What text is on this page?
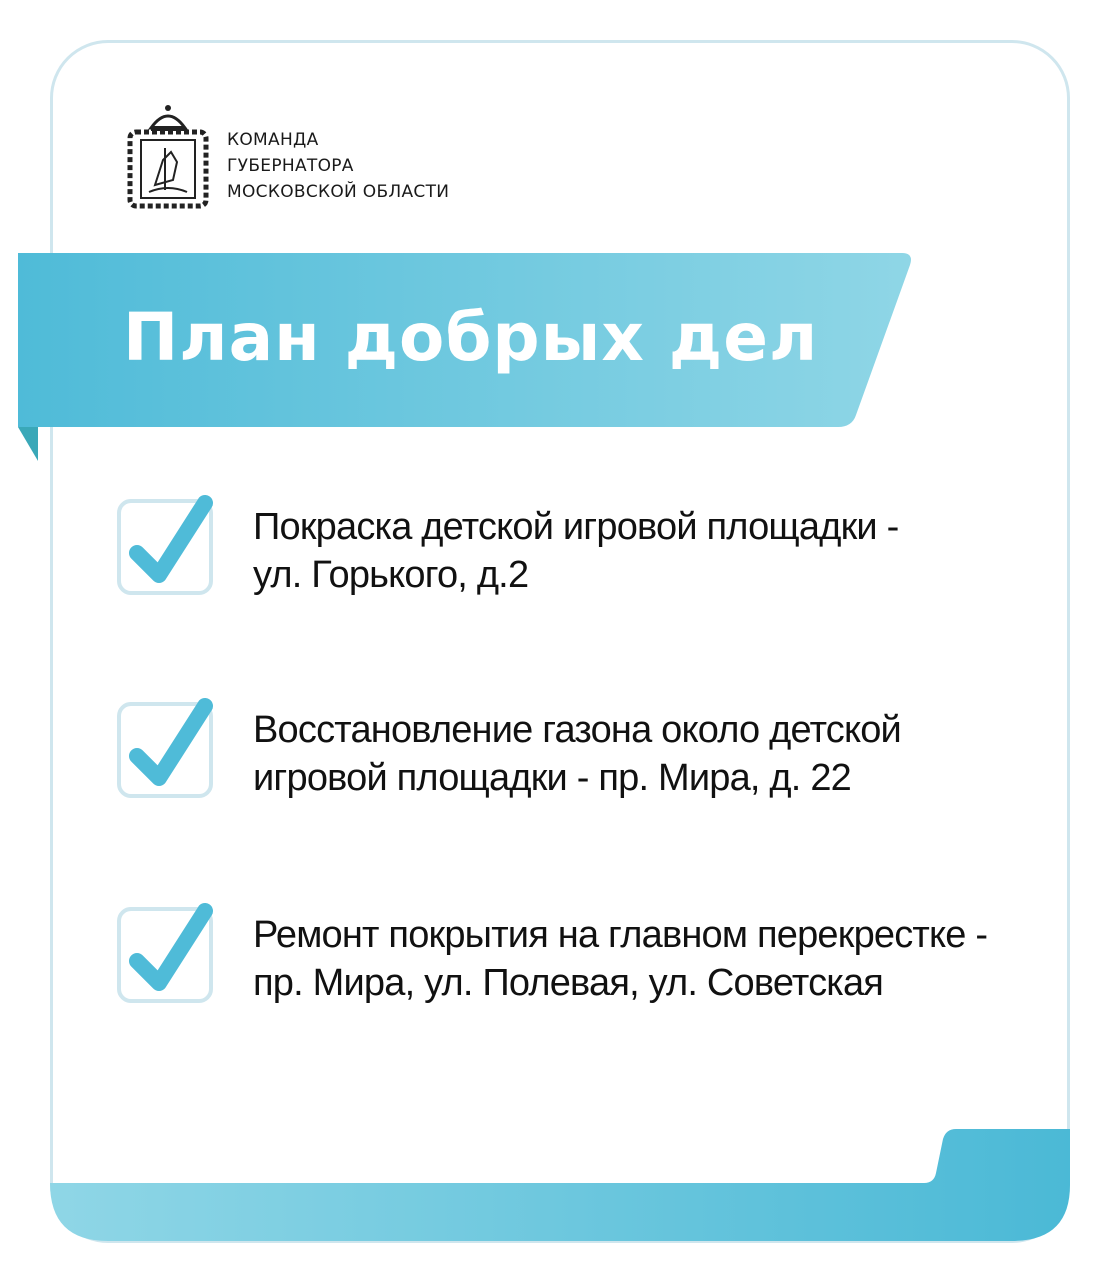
КОМАНДА
ГУБЕРНАТОРА
МОСКОВСКОЙ ОБЛАСТИ
План добрых дел
Покраска детской игровой площадки -
ул. Горького, д.2
Восстановление газона около детской
игровой площадки - пр. Мира, д. 22
Ремонт покрытия на главном перекрестке -
пр. Мира, ул. Полевая, ул. Советская
